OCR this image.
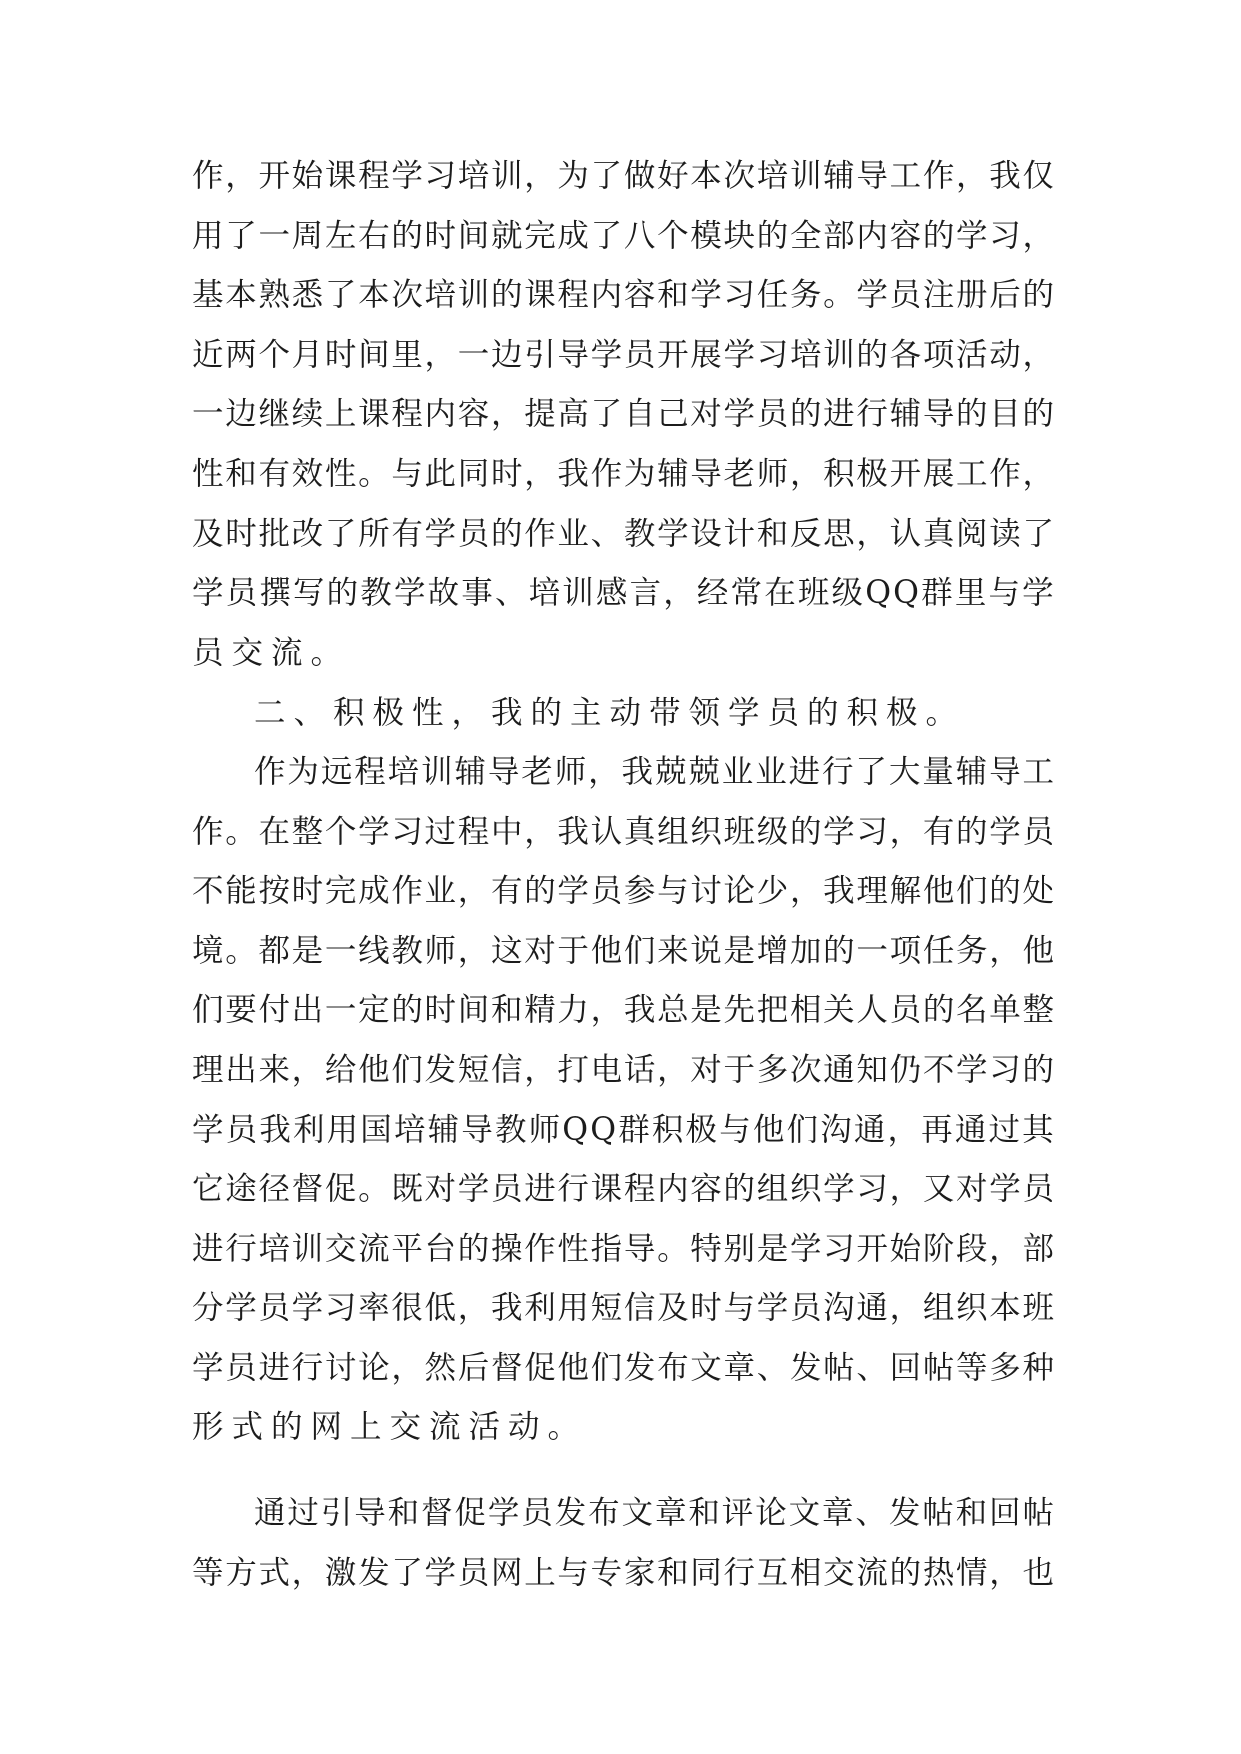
作，开始课程学习培训，为了做好本次培训辅导工作，我仅

用了一周左右的时间就完成了八个模块的全部内容的学习，

基本熟悉了本次培训的课程内容和学习任务。学员注册后的

近两个月时间里，一边引导学员开展学习培训的各项活动，

一边继续上课程内容，提高了自己对学员的进行辅导的目的

性和有效性。与此同时，我作为辅导老师，积极开展工作，

及时批改了所有学员的作业、教学设计和反思，认真阅读了

学员撰写的教学故事、培训感言，经常在班级QQ群里与学

员交流。

二、积极性，我的主动带领学员的积极。

作为远程培训辅导老师，我兢兢业业进行了大量辅导工

作。在整个学习过程中，我认真组织班级的学习，有的学员

不能按时完成作业，有的学员参与讨论少，我理解他们的处

境。都是一线教师，这对于他们来说是增加的一项任务，他

们要付出一定的时间和精力，我总是先把相关人员的名单整

理出来，给他们发短信，打电话，对于多次通知仍不学习的

学员我利用国培辅导教师QQ群积极与他们沟通，再通过其

它途径督促。既对学员进行课程内容的组织学习，又对学员

进行培训交流平台的操作性指导。特别是学习开始阶段，部

分学员学习率很低，我利用短信及时与学员沟通，组织本班

学员进行讨论，然后督促他们发布文章、发帖、回帖等多种

形式的网上交流活动。

通过引导和督促学员发布文章和评论文章、发帖和回帖

等方式，激发了学员网上与专家和同行互相交流的热情，也
